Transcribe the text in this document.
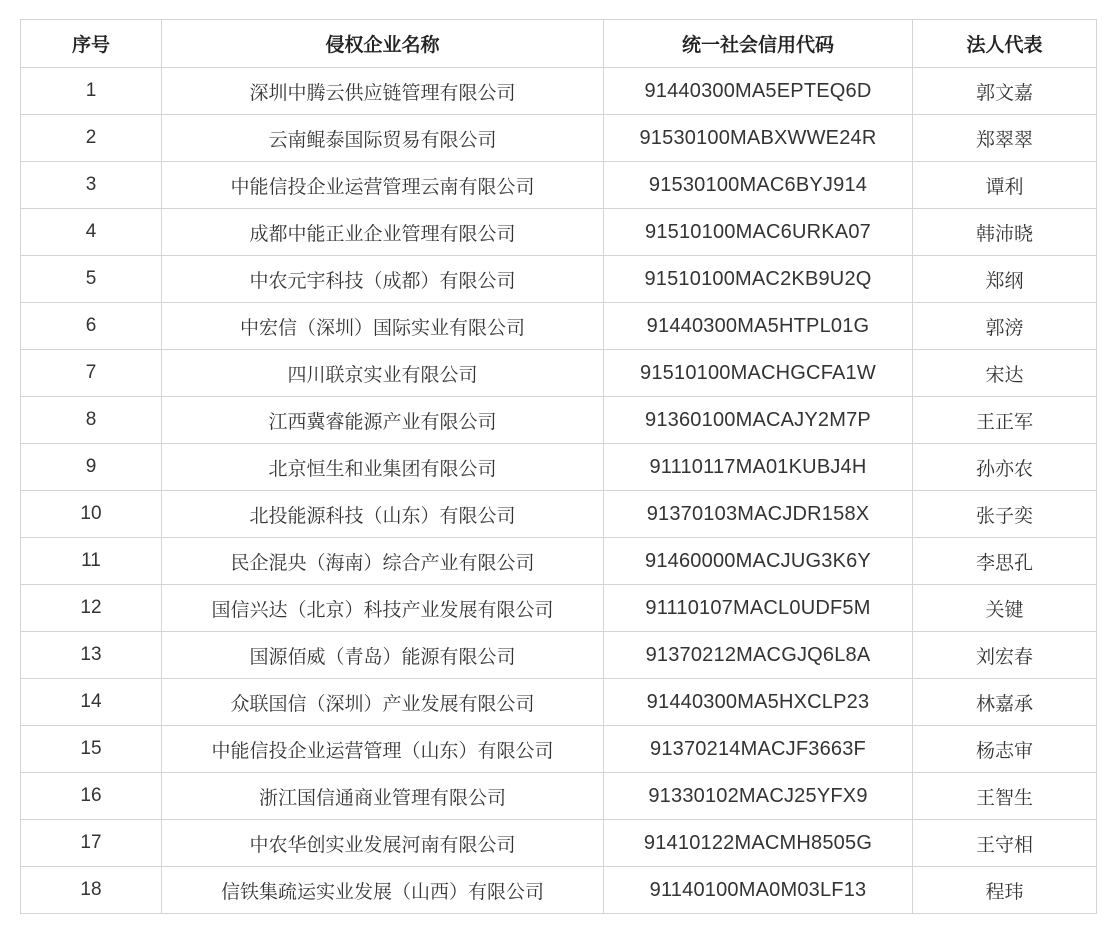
序号	侵权企业名称	统一社会信用代码	法人代表
1	深圳中腾云供应链管理有限公司	91440300MA5EPTEQ6D	郭文嘉
2	云南鲲泰国际贸易有限公司	91530100MABXWWE24R	郑翠翠
3	中能信投企业运营管理云南有限公司	91530100MAC6BYJ914	谭利
4	成都中能正业企业管理有限公司	91510100MAC6URKA07	韩沛晓
5	中农元宇科技（成都）有限公司	91510100MAC2KB9U2Q	郑纲
6	中宏信（深圳）国际实业有限公司	91440300MA5HTPL01G	郭滂
7	四川联京实业有限公司	91510100MACHGCFA1W	宋达
8	江西冀睿能源产业有限公司	91360100MACAJY2M7P	王正军
9	北京恒生和业集团有限公司	91110117MA01KUBJ4H	孙亦农
10	北投能源科技（山东）有限公司	91370103MACJDR158X	张子奕
11	民企混央（海南）综合产业有限公司	91460000MACJUG3K6Y	李思孔
12	国信兴达（北京）科技产业发展有限公司	91110107MACL0UDF5M	关键
13	国源佰威（青岛）能源有限公司	91370212MACGJQ6L8A	刘宏春
14	众联国信（深圳）产业发展有限公司	91440300MA5HXCLP23	林嘉承
15	中能信投企业运营管理（山东）有限公司	91370214MACJF3663F	杨志审
16	浙江国信通商业管理有限公司	91330102MACJ25YFX9	王智生
17	中农华创实业发展河南有限公司	91410122MACMH8505G	王守相
18	信铁集疏运实业发展（山西）有限公司	91140100MA0M03LF13	程玮
